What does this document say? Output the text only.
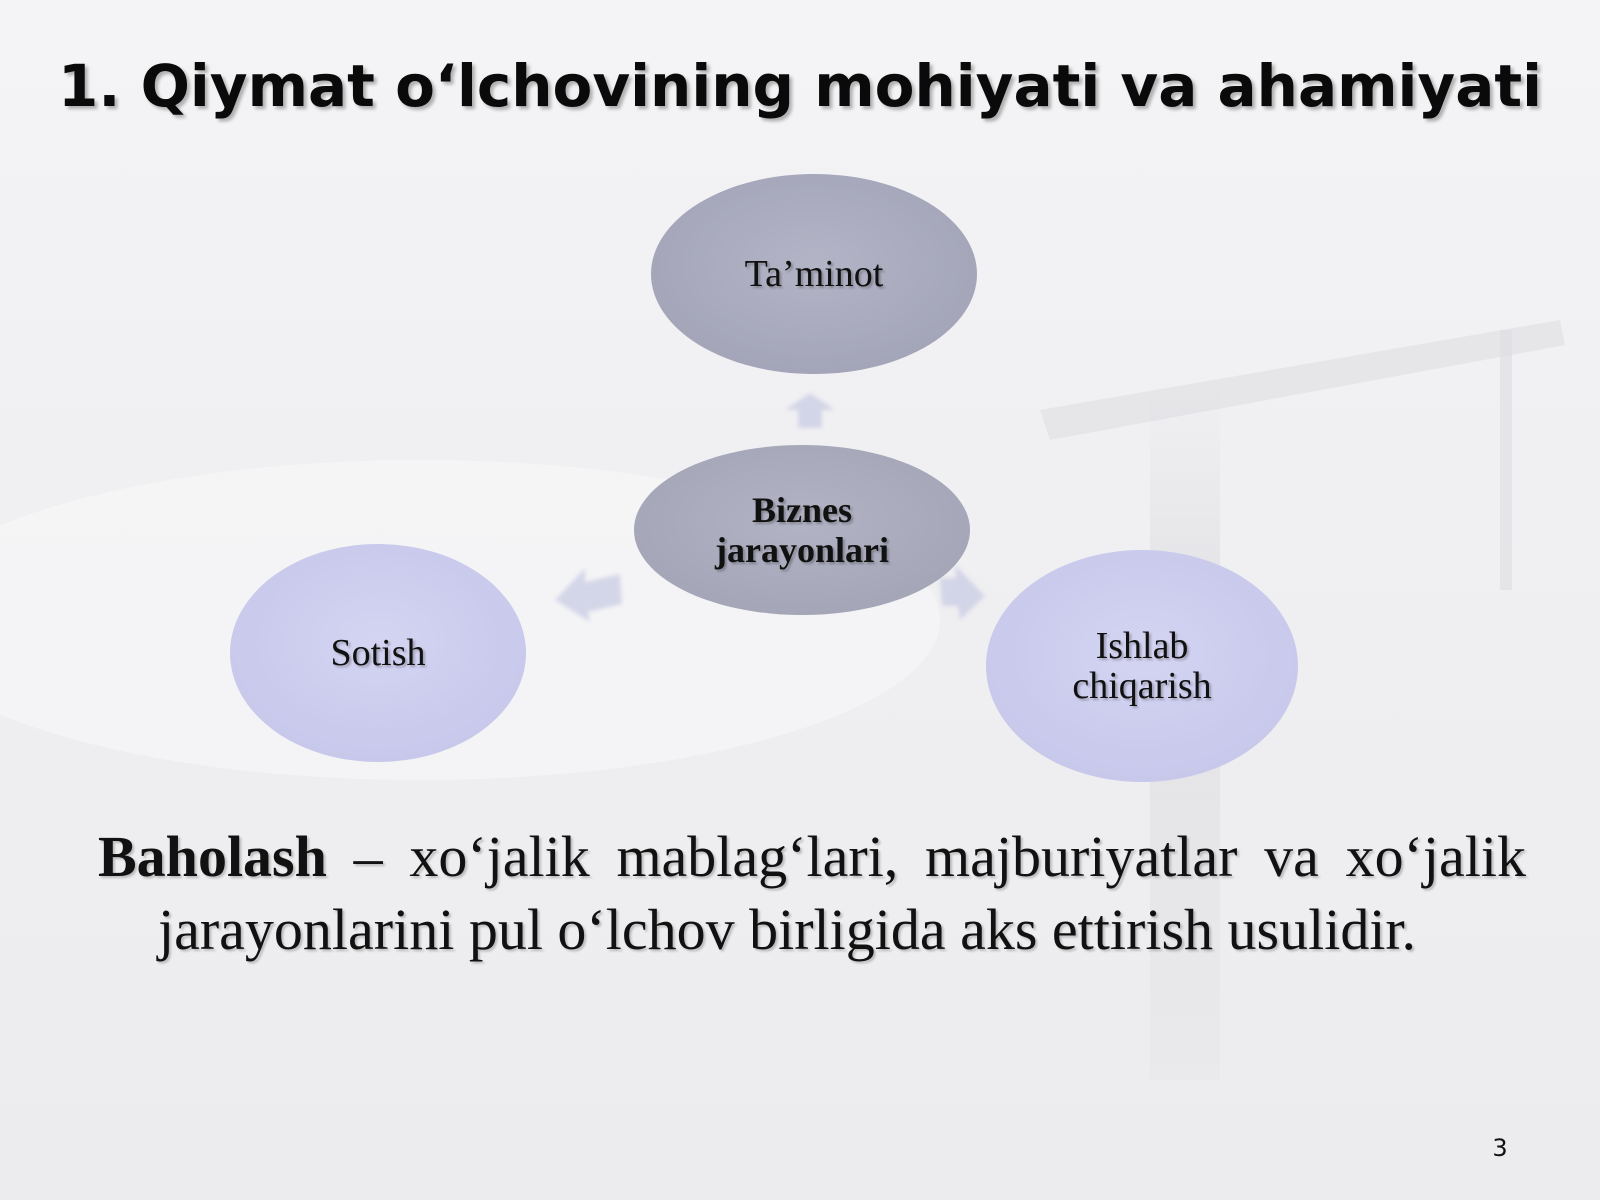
1. Qiymat o‘lchovining mohiyati va ahamiyati
Ta’minot
Biznes
jarayonlari
Sotish	Ishlab
chiqarish
Baholash – xo‘jalik mablag‘lari, majburiyatlar va xo‘jalik jarayonlarini pul o‘lchov birligida aks ettirish usulidir.
3
